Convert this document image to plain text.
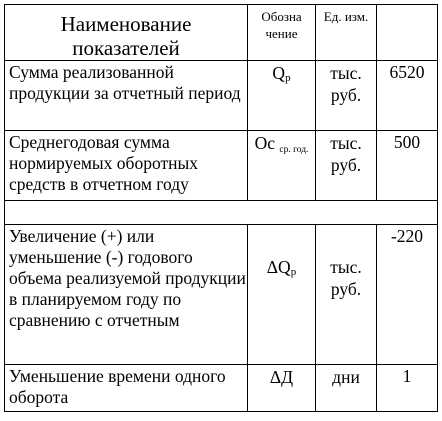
Наименование показателей	Обозна чение	Ед. изм.	
Сумма реализованной продукции за отчетный период	Qр	тыс. руб.	6520
Среднегодовая сумма нормируемых оборотных средств в отчетном году	Ос ср. год.	тыс. руб.	500

Увеличение (+) или уменьшение (-) годового объема реализуемой продукции в планируемом году по сравнению с отчетным	ΔQр	тыс. руб.	-220
Уменьшение времени одного оборота	ΔД	дни	1
